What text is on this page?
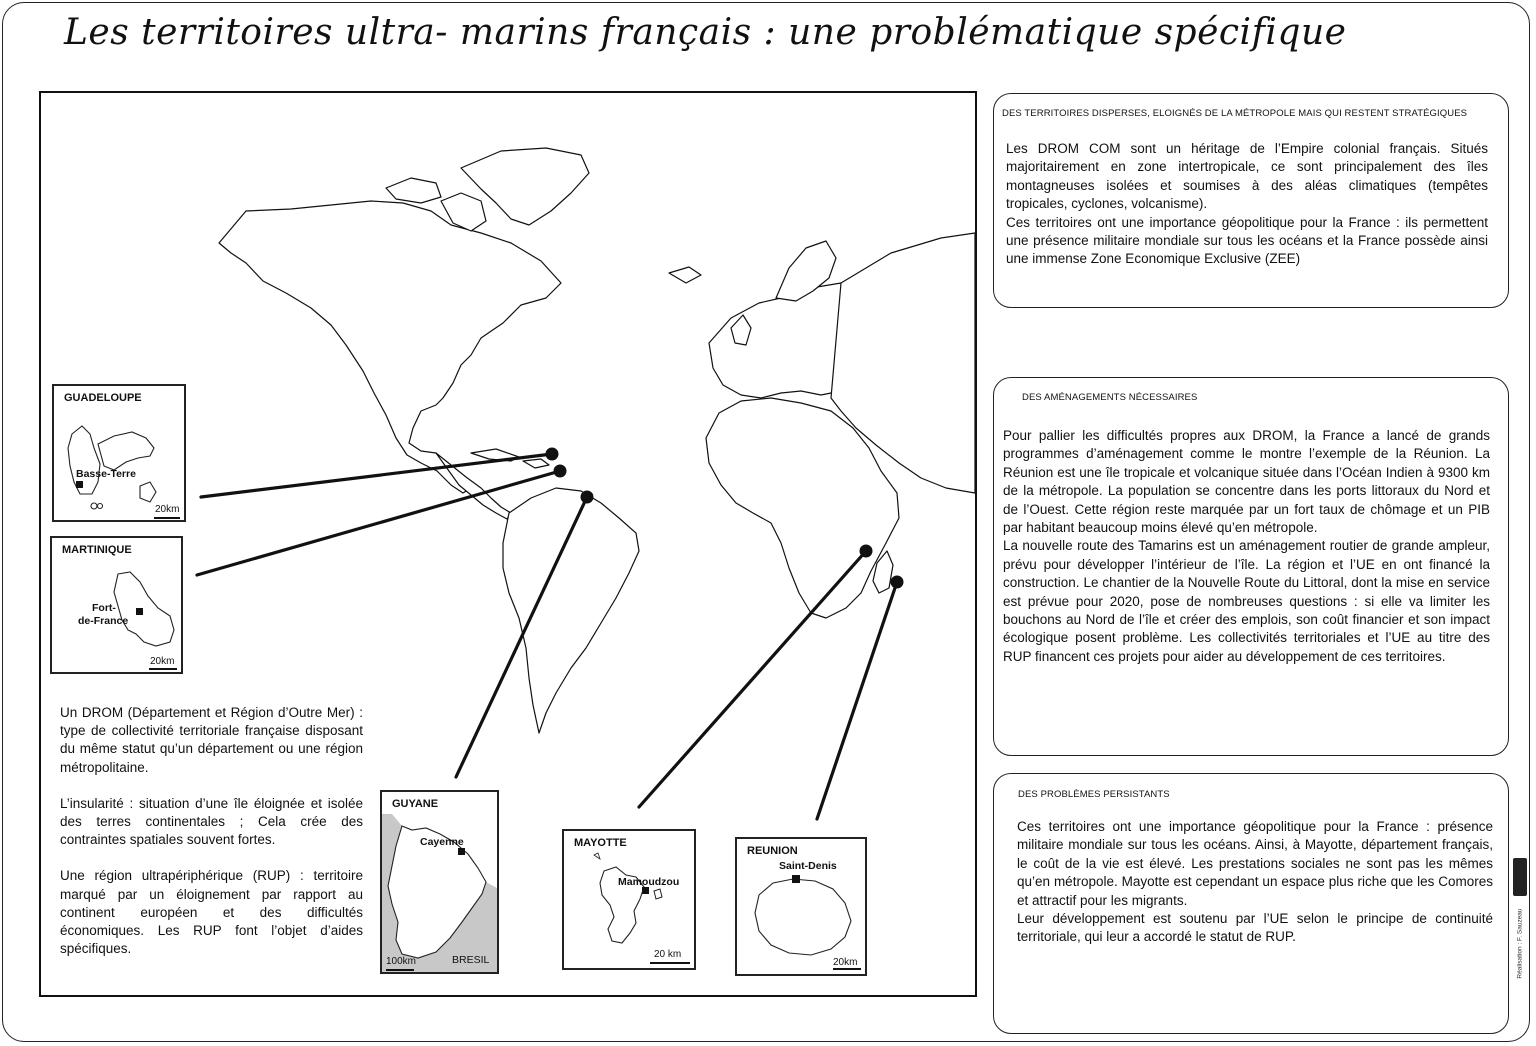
Les territoires ultra- marins français : une problématique spécifique
GUADELOUPE
Basse-Terre
20km
MARTINIQUE
Fort-
de-France
20km
GUYANE
Cayenne
BRESIL
100km
MAYOTTE
Mamoudzou
20 km
REUNION
Saint-Denis
20km

Un DROM (Département et Région d’Outre Mer) : type de collectivité territoriale française disposant du même statut qu’un département ou une région métropolitaine.

L’insularité : situation d’une île éloignée et isolée des terres continentales ; Cela crée des contraintes spatiales souvent fortes.

Une région ultrapériphérique (RUP) : territoire marqué par un éloignement par rapport au continent européen et des difficultés économiques. Les RUP font l’objet d’aides spécifiques.

DES TERRITOIRES DISPERSES, ELOIGNÉS DE LA MÉTROPOLE MAIS QUI RESTENT STRATÉGIQUES

Les DROM COM sont un héritage de l’Empire colonial français. Situés majoritairement en zone intertropicale, ce sont principalement des îles montagneuses isolées et soumises à des aléas climatiques (tempêtes tropicales, cyclones, volcanisme).

Ces territoires ont une importance géopolitique pour la France : ils permettent une présence militaire mondiale sur tous les océans et la France possède ainsi une immense Zone Economique Exclusive (ZEE)

DES AMÉNAGEMENTS NÉCESSAIRES

Pour pallier les difficultés propres aux DROM, la France a lancé de grands programmes d’aménagement comme le montre l’exemple de la Réunion. La Réunion est une île tropicale et volcanique située dans l’Océan Indien à 9300 km de la métropole. La population se concentre dans les ports littoraux du Nord et de l’Ouest. Cette région reste marquée par un fort taux de chômage et un PIB par habitant beaucoup moins élevé qu’en métropole.

La nouvelle route des Tamarins est un aménagement routier de grande ampleur, prévu pour développer l’intérieur de l’île. La région et l’UE en ont financé la construction. Le chantier de la Nouvelle Route du Littoral, dont la mise en service est prévue pour 2020, pose de nombreuses questions : si elle va limiter les bouchons au Nord de l’île et créer des emplois, son coût financier et son impact écologique posent problème. Les collectivités territoriales et l’UE au titre des RUP financent ces projets pour aider au développement de ces territoires.

DES PROBLÈMES PERSISTANTS

Ces territoires ont une importance géopolitique pour la France : présence militaire mondiale sur tous les océans. Ainsi, à Mayotte, département français, le coût de la vie est élevé. Les prestations sociales ne sont pas les mêmes qu’en métropole. Mayotte est cependant un espace plus riche que les Comores et attractif pour les migrants.

Leur développement est soutenu par l’UE selon le principe de continuité territoriale, qui leur a accordé le statut de RUP.	Réalisation : F. Sauzeau
